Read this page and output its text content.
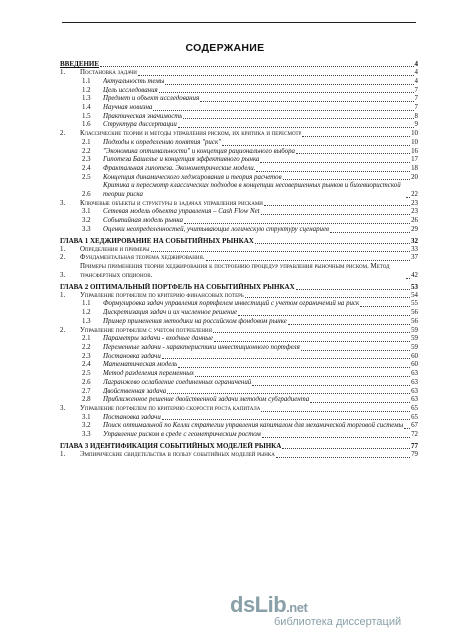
СОДЕРЖАНИЕ
ВВЕДЕНИЕ	4
1.	Постановка задачи	4
1.1	Актуальность темы	4
1.2	Цель исследования	7
1.3	Предмет и объект исследования	7
1.4	Научная новизна	7
1.5	Практическая значимость	8
1.6	Структура диссертации	9
2.	Классические теории и методы управления риском, их критика и пересмотр	10
2.1	Подходы к определению понятия "риск"	10
2.2	"Экономика оптимальности" и концепция рационального выбора	16
2.3	Гипотеза Башелье и концепция эффективного рынка	17
2.4	Фрактальная гипотеза. Эконометрические модели.	18
2.5	Концепция динамического хеджирования и теория расчетов	20
2.6
Критика и пересмотр классических подходов в концепции несовершенных рынков и бихевиористской теории риска	22
3.	Ключевые объекты и структуры в задачах управления рисками	23
3.1	Сетевая модель объекта управления – Cash Flow Net	23
3.2	Событийная модель рынка	26
3.3	Оценки неопределенностей, учитывающие логическую структуру сценариев	29
ГЛАВА 1 ХЕДЖИРОВАНИЕ НА СОБЫТИЙНЫХ РЫНКАХ	32
1.	Определения и примеры	33
2.	Фундаментальная теорема хеджирования.	37
3.
Примеры применения теории хеджирования к построению процедур управления рыночным риском. Метод трансфертных опционов.	42
ГЛАВА 2 ОПТИМАЛЬНЫЙ ПОРТФЕЛЬ НА СОБЫТИЙНЫХ РЫНКАХ	53
1.	Управление портфелем по критерию финансовых потерь	54
1.1	Формулировка задач управления портфелем инвестиций с учетом ограничений на риск	55
1.2	Дискретизация задач и их численное решение	56
1.3	Пример применения методики на российском фондовом рынке	56
2.	Управление портфелем с учетом потребления	59
2.1	Параметры задачи - входные данные	59
2.2	Переменные задачи - характеристики инвестиционного портфеля	59
2.3	Постановка задачи	60
2.4	Математическая модель	60
2.5	Метод разделения переменных	63
2.6	Лагранжево ослабление соединенных ограничений	63
2.7	Двойственная задача	63
2.8	Приближенное решение двойственной задачи методом субградиента	63
3.	Управление портфелем по критерию скорости роста капитала	65
3.1	Постановка задачи	65
3.2	Поиск оптимальной по Келли стратегии управления капиталом для механической торговой системы 67
3.3	Управление риском в среде с геометрическим ростом	72
ГЛАВА 3 ИДЕНТИФИКАЦИЯ СОБЫТИЙНЫХ МОДЕЛЕЙ РЫНКА	77
1.	Эмпирические свидетельства в пользу событийных моделей рынка	79
dsLib.net
библиотека диссертаций
